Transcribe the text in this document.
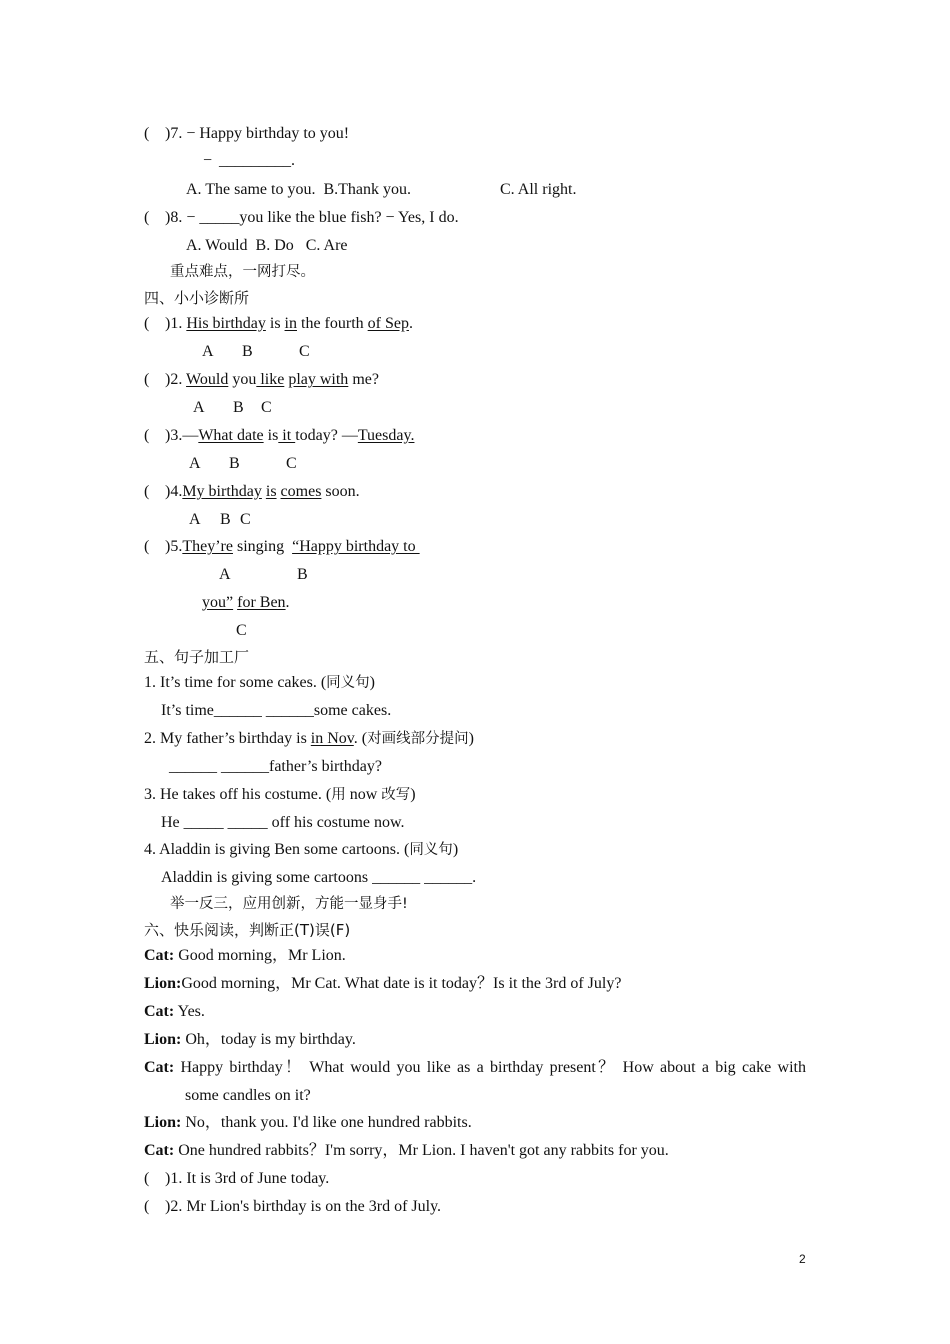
( )7. − Happy birthday to you!
− _________.
A. The same to you.  B.Thank you.	C. All right.
( )8. − _____you like the blue fish? − Yes, I do.
A. Would  B. Do   C. Are
重点难点，一网打尽。
四、小小诊断所
( )1. His birthday is in the fourth of Sep.
A B	C
( )2. Would you like play with me?
A B C
( )3.—What date is it today? —Tuesday.
A B	C
( )4.My birthday is comes soon.
A B C
( )5.They’re singing  “Happy birthday to
A	B
you” for Ben.
C
五、句子加工厂
1. It’s time for some cakes. (同义句)
It’s time______ ______some cakes.
2. My father’s birthday is in Nov. (对画线部分提问)
______ ______father’s birthday?
3. He takes off his costume. (用 now 改写)
He _____ _____ off his costume now.
4. Aladdin is giving Ben some cartoons. (同义句)
Aladdin is giving some cartoons ______ ______.
举一反三，应用创新，方能一显身手!
六、快乐阅读，判断正(T)误(F)
Cat: Good morning，Mr Lion.
Lion:Good morning，Mr Cat. What date is it today？Is it the 3rd of July?
Cat: Yes.
Lion: Oh，today is my birthday.
Cat: Happy birthday！ What would you like as a birthday present？ How about a big cake with
some candles on it?
Lion: No，thank you. I'd like one hundred rabbits.
Cat: One hundred rabbits？I'm sorry，Mr Lion. I haven't got any rabbits for you.
( )1. It is 3rd of June today.
( )2. Mr Lion's birthday is on the 3rd of July.
2
